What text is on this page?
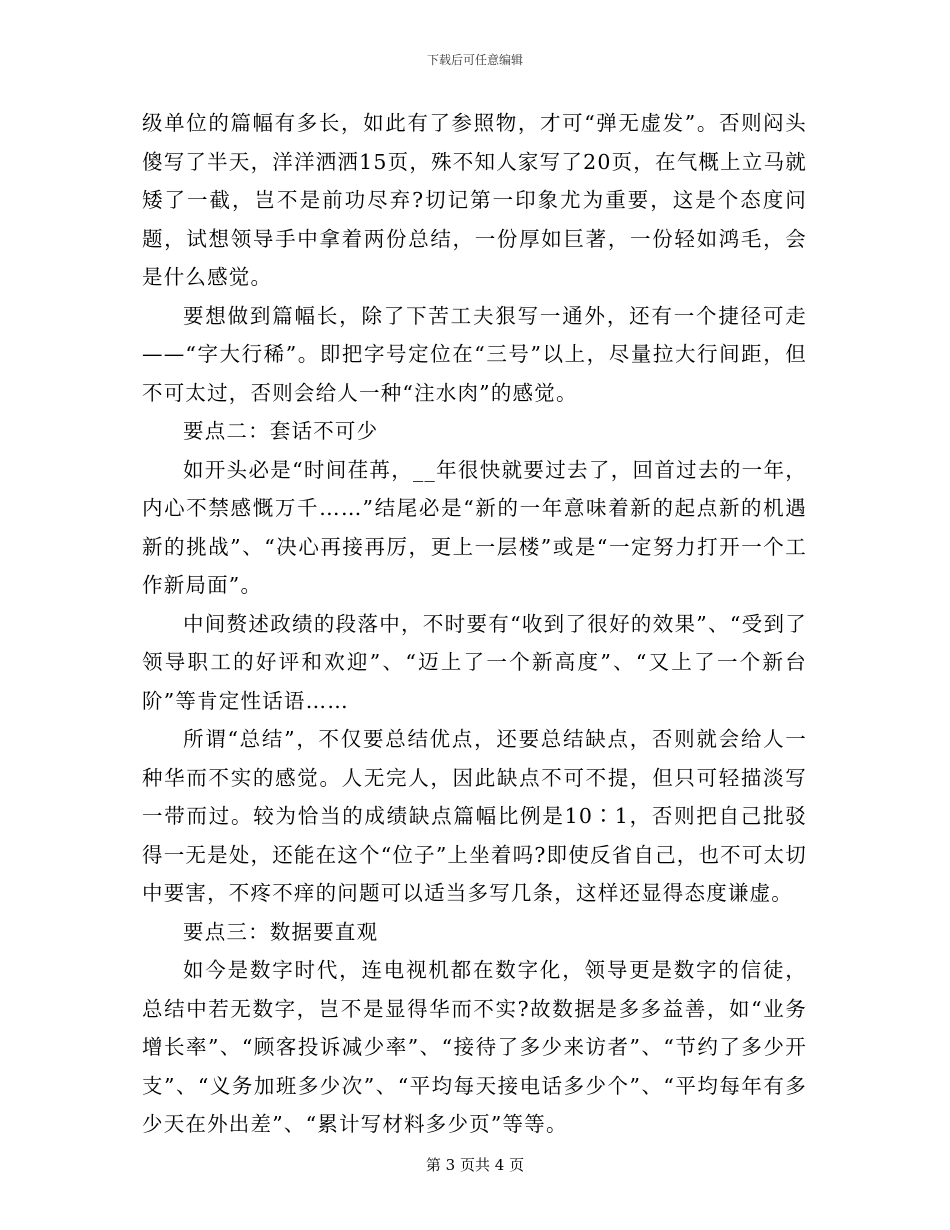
下载后可任意编辑

级单位的篇幅有多长，如此有了参照物，才可“弹无虚发”。否则闷头傻写了半天，洋洋洒洒15页，殊不知人家写了20页，在气概上立马就矮了一截，岂不是前功尽弃?切记第一印象尤为重要，这是个态度问题，试想领导手中拿着两份总结，一份厚如巨著，一份轻如鸿毛，会是什么感觉。

要想做到篇幅长，除了下苦工夫狠写一通外，还有一个捷径可走——“字大行稀”。即把字号定位在“三号”以上，尽量拉大行间距，但不可太过，否则会给人一种“注水肉”的感觉。

要点二：套话不可少

如开头必是“时间荏苒，__年很快就要过去了，回首过去的一年，内心不禁感慨万千……”结尾必是“新的一年意味着新的起点新的机遇新的挑战”、“决心再接再厉，更上一层楼”或是“一定努力打开一个工作新局面”。

中间赘述政绩的段落中，不时要有“收到了很好的效果”、“受到了领导职工的好评和欢迎”、“迈上了一个新高度”、“又上了一个新台阶”等肯定性话语……

所谓“总结”，不仅要总结优点，还要总结缺点，否则就会给人一种华而不实的感觉。人无完人，因此缺点不可不提，但只可轻描淡写一带而过。较为恰当的成绩缺点篇幅比例是10∶1，否则把自己批驳得一无是处，还能在这个“位子”上坐着吗?即使反省自己，也不可太切中要害，不疼不痒的问题可以适当多写几条，这样还显得态度谦虚。

要点三：数据要直观

如今是数字时代，连电视机都在数字化，领导更是数字的信徒，总结中若无数字，岂不是显得华而不实?故数据是多多益善，如“业务增长率”、“顾客投诉减少率”、“接待了多少来访者”、“节约了多少开支”、“义务加班多少次”、“平均每天接电话多少个”、“平均每年有多少天在外出差”、“累计写材料多少页”等等。

第 3 页共 4 页
